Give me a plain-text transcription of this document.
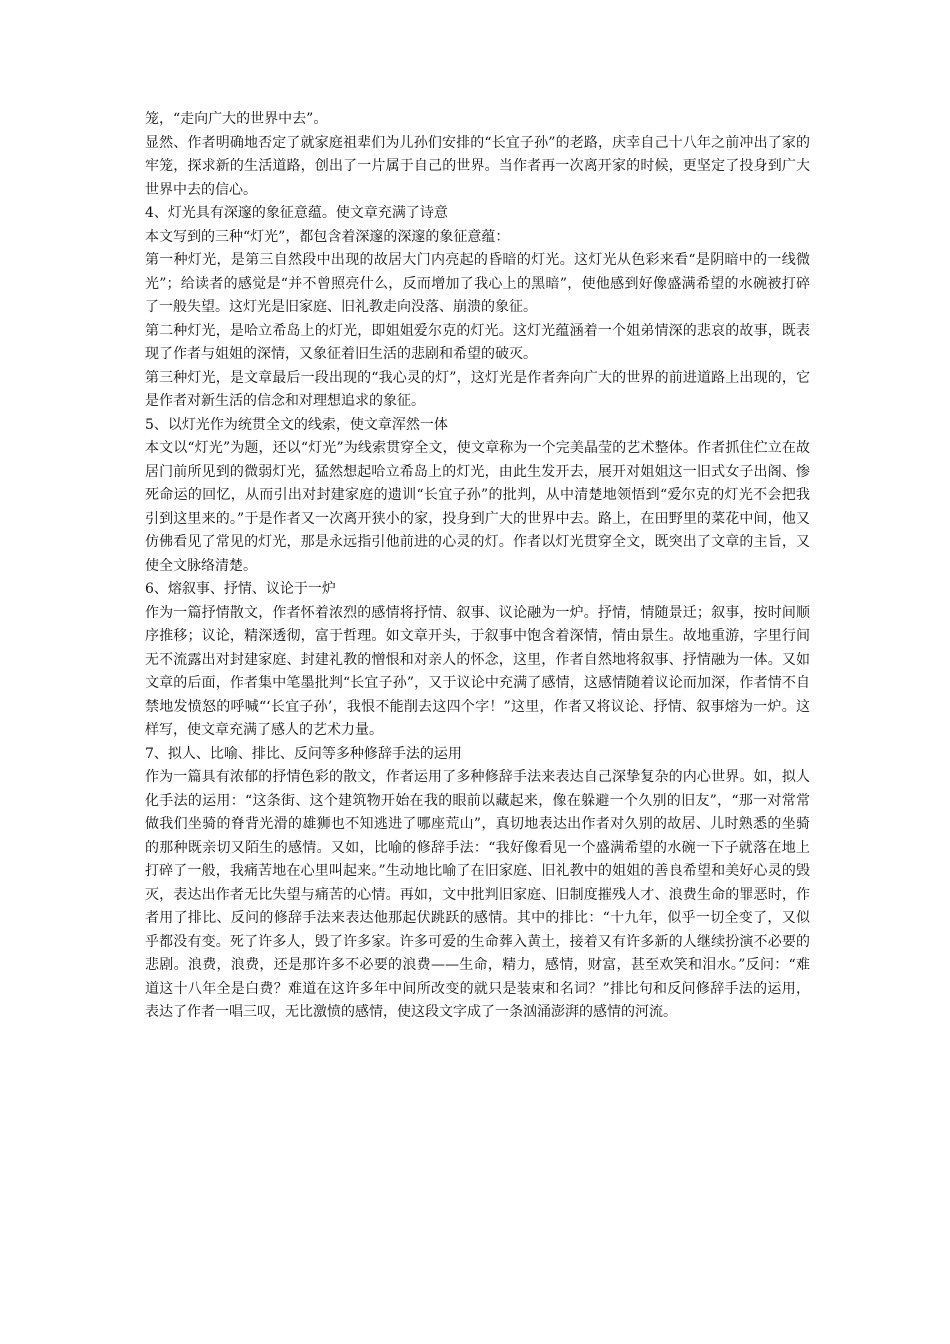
笼，“走向广大的世界中去”。

显然、作者明确地否定了就家庭祖辈们为儿孙们安排的“长宜子孙”的老路，庆幸自己十八年之前冲出了家的牢笼，探求新的生活道路，创出了一片属于自己的世界。当作者再一次离开家的时候，更坚定了投身到广大世界中去的信心。

4、灯光具有深邃的象征意蕴。使文章充满了诗意

本文写到的三种“灯光”，都包含着深邃的深邃的象征意蕴：

第一种灯光，是第三自然段中出现的故居大门内亮起的昏暗的灯光。这灯光从色彩来看“是阴暗中的一线微光”；给读者的感觉是“并不曾照亮什么，反而增加了我心上的黑暗”，使他感到好像盛满希望的水碗被打碎了一般失望。这灯光是旧家庭、旧礼教走向没落、崩溃的象征。

第二种灯光，是哈立希岛上的灯光，即姐姐爱尔克的灯光。这灯光蕴涵着一个姐弟情深的悲哀的故事，既表现了作者与姐姐的深情，又象征着旧生活的悲剧和希望的破灭。

第三种灯光，是文章最后一段出现的“我心灵的灯”，这灯光是作者奔向广大的世界的前进道路上出现的，它是作者对新生活的信念和对理想追求的象征。

5、以灯光作为统贯全文的线索，使文章浑然一体

本文以“灯光”为题，还以“灯光”为线索贯穿全文，使文章称为一个完美晶莹的艺术整体。作者抓住伫立在故居门前所见到的微弱灯光，猛然想起哈立希岛上的灯光，由此生发开去，展开对姐姐这一旧式女子出阁、惨死命运的回忆，从而引出对封建家庭的遗训“长宜子孙”的批判，从中清楚地领悟到“爱尔克的灯光不会把我引到这里来的。”于是作者又一次离开狭小的家，投身到广大的世界中去。路上，在田野里的菜花中间，他又仿佛看见了常见的灯光，那是永远指引他前进的心灵的灯。作者以灯光贯穿全文，既突出了文章的主旨，又使全文脉络清楚。

6、熔叙事、抒情、议论于一炉

作为一篇抒情散文，作者怀着浓烈的感情将抒情、叙事、议论融为一炉。抒情，情随景迁；叙事，按时间顺序推移；议论，精深透彻，富于哲理。如文章开头，于叙事中饱含着深情，情由景生。故地重游，字里行间无不流露出对封建家庭、封建礼教的憎恨和对亲人的怀念，这里，作者自然地将叙事、抒情融为一体。又如文章的后面，作者集中笔墨批判“长宜子孙”，又于议论中充满了感情，这感情随着议论而加深，作者情不自禁地发愤怒的呼喊“‘长宜子孙’，我恨不能削去这四个字！”这里，作者又将议论、抒情、叙事熔为一炉。这样写，使文章充满了感人的艺术力量。

7、拟人、比喻、排比、反问等多种修辞手法的运用

作为一篇具有浓郁的抒情色彩的散文，作者运用了多种修辞手法来表达自己深挚复杂的内心世界。如，拟人化手法的运用：“这条街、这个建筑物开始在我的眼前以藏起来，像在躲避一个久别的旧友”，“那一对常常做我们坐骑的脊背光滑的雄狮也不知逃进了哪座荒山”，真切地表达出作者对久别的故居、儿时熟悉的坐骑的那种既亲切又陌生的感情。又如，比喻的修辞手法：“我好像看见一个盛满希望的水碗一下子就落在地上打碎了一般，我痛苦地在心里叫起来。”生动地比喻了在旧家庭、旧礼教中的姐姐的善良希望和美好心灵的毁灭，表达出作者无比失望与痛苦的心情。再如，文中批判旧家庭、旧制度摧残人才、浪费生命的罪恶时，作者用了排比、反问的修辞手法来表达他那起伏跳跃的感情。其中的排比：“十九年，似乎一切全变了，又似乎都没有变。死了许多人，毁了许多家。许多可爱的生命葬入黄土，接着又有许多新的人继续扮演不必要的悲剧。浪费，浪费，还是那许多不必要的浪费——生命，精力，感情，财富，甚至欢笑和泪水。”反问：“难道这十八年全是白费？难道在这许多年中间所改变的就只是装束和名词？”排比句和反问修辞手法的运用，表达了作者一唱三叹，无比激愤的感情，使这段文字成了一条汹涌澎湃的感情的河流。
